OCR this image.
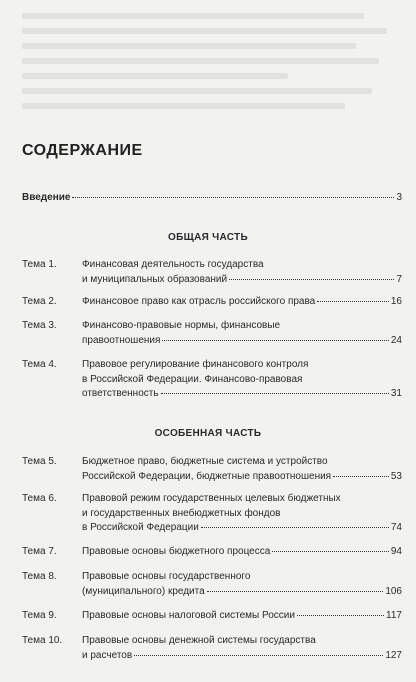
СОДЕРЖАНИЕ
Введение	3
ОБЩАЯ ЧАСТЬ
Тема 1.	Финансовая деятельность государства
и муниципальных образований	7
Тема 2.	Финансовое право как отрасль российского права	16
Тема 3.	Финансово-правовые нормы, финансовые
правоотношения	24
Тема 4.	Правовое регулирование финансового контроля
в Российской Федерации. Финансово-правовая
ответственность	31
ОСОБЕННАЯ ЧАСТЬ
Тема 5.	Бюджетное право, бюджетные система и устройство
Российской Федерации, бюджетные правоотношения	53
Тема 6.	Правовой режим государственных целевых бюджетных
и государственных внебюджетных фондов
в Российской Федерации	74
Тема 7.	Правовые основы бюджетного процесса	94
Тема 8.	Правовые основы государственного
(муниципального) кредита	106
Тема 9.	Правовые основы налоговой системы России	117
Тема 10.	Правовые основы денежной системы государства
и расчетов	127
